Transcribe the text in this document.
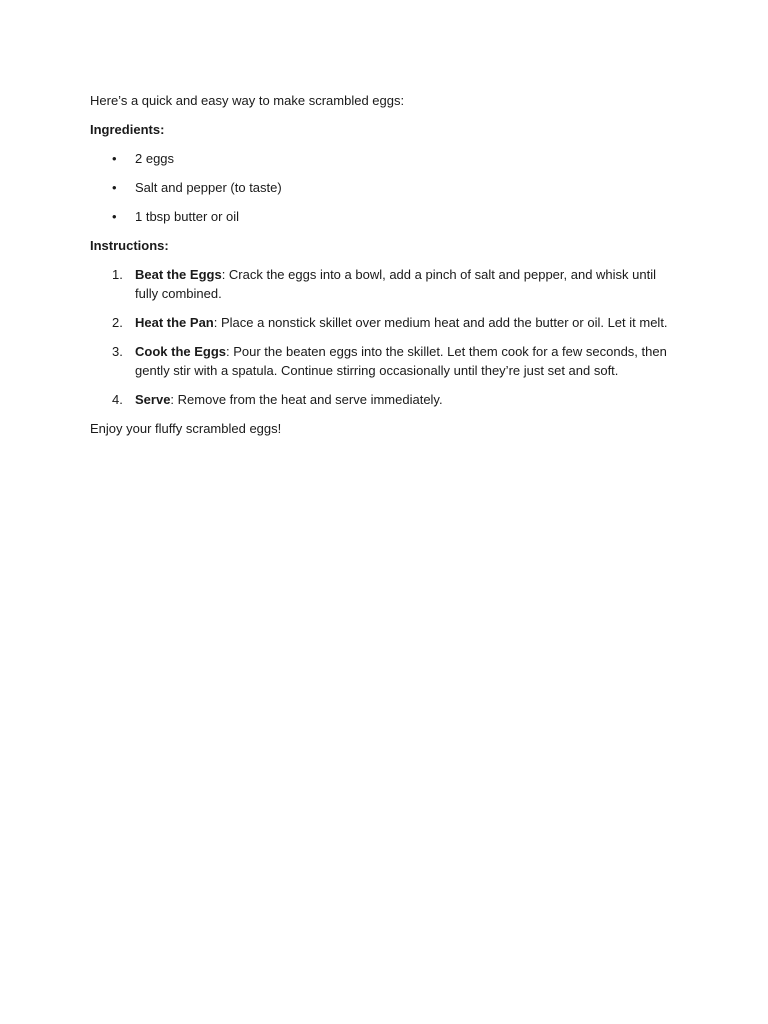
Here’s a quick and easy way to make scrambled eggs:

Ingredients:

• 2 eggs
• Salt and pepper (to taste)
• 1 tbsp butter or oil

Instructions:

1. Beat the Eggs: Crack the eggs into a bowl, add a pinch of salt and pepper, and whisk until fully combined.
2. Heat the Pan: Place a nonstick skillet over medium heat and add the butter or oil. Let it melt.
3. Cook the Eggs: Pour the beaten eggs into the skillet. Let them cook for a few seconds, then gently stir with a spatula. Continue stirring occasionally until they’re just set and soft.
4. Serve: Remove from the heat and serve immediately.

Enjoy your fluffy scrambled eggs!
